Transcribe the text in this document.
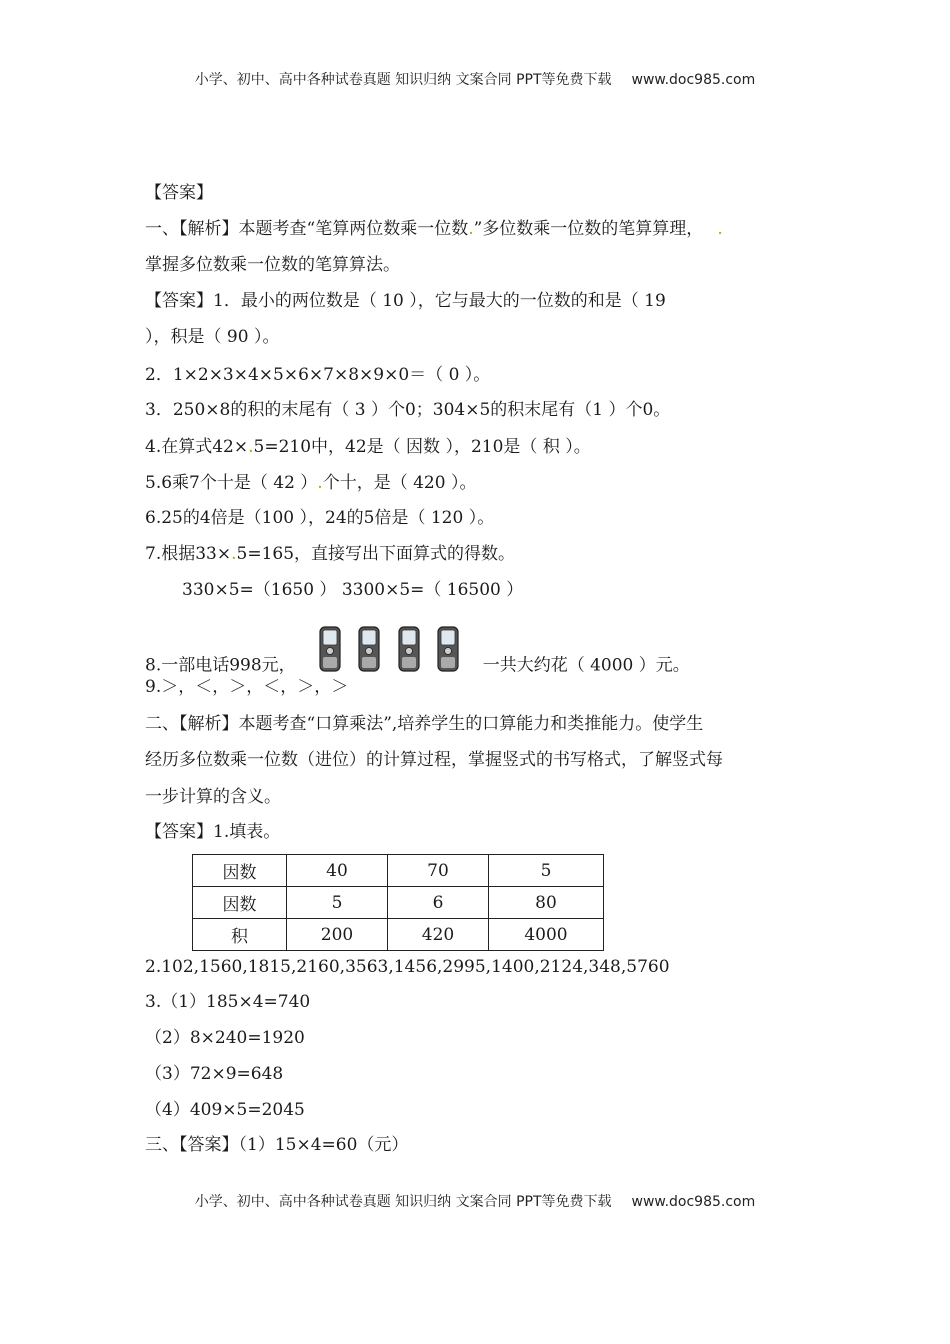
小学、初中、高中各种试卷真题 知识归纳 文案合同 PPT等免费下载 www.doc985.com
【答案】
一、【解析】本题考查“笔算两位数乘一位数.”多位数乘一位数的笔算算理， .
掌握多位数乘一位数的笔算算法。
【答案】1．最小的两位数是（ 10 ），它与最大的一位数的和是（ 19
），积是（ 90 ）。
2．1×2×3×4×5×6×7×8×9×0＝（ 0 ）。
3．250×8的积的末尾有（ 3 ）个0；304×5的积末尾有（1 ）个0。
4.在算式42×.5=210中，42是（ 因数 ），210是（ 积 ）。
5.6乘7个十是（ 42 ）.个十，是（ 420 ）。
6.25的4倍是（100 ），24的5倍是（ 120 ）。
7.根据33×.5=165，直接写出下面算式的得数。
330×5=（1650 ） 3300×5=（ 16500 ）
8.一部电话998元，	一共大约花（ 4000 ）元。
9.＞，＜，＞，＜，＞，＞
二、【解析】本题考查“口算乘法”,培养学生的口算能力和类推能力。使学生
经历多位数乘一位数（进位）的计算过程，掌握竖式的书写格式，了解竖式每
一步计算的含义。
【答案】1.填表。
因数	40	70	5
因数	5	6	80
积	200	420	4000
2.102,1560,1815,2160,3563,1456,2995,1400,2124,348,5760
3.（1）185×4=740
（2）8×240=1920
（3）72×9=648
（4）409×5=2045
三、【答案】（1）15×4=60（元）
小学、初中、高中各种试卷真题 知识归纳 文案合同 PPT等免费下载 www.doc985.com
